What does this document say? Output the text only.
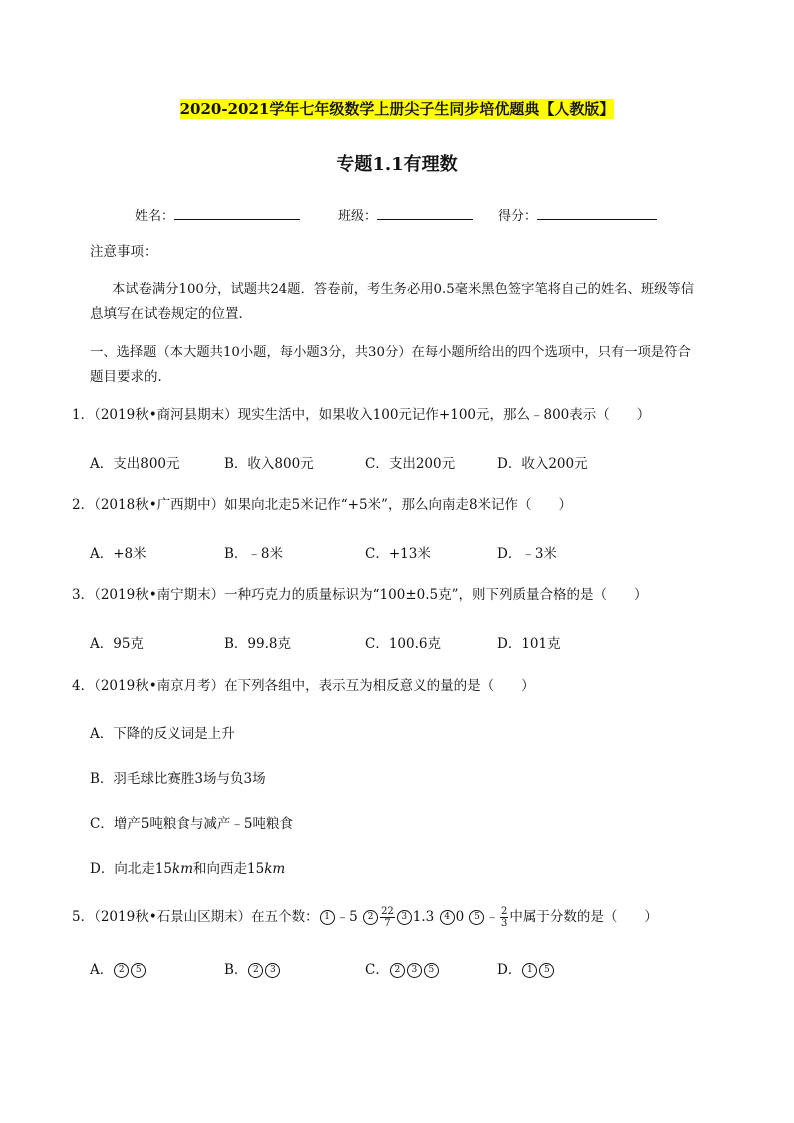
2020-2021学年七年级数学上册尖子生同步培优题典【人教版】
专题1.1有理数
姓名：	班级：	得分：
注意事项：
本试卷满分100分，试题共24题．答卷前，考生务必用0.5毫米黑色签字笔将自己的姓名、班级等信
息填写在试卷规定的位置．
一、选择题（本大题共10小题，每小题3分，共30分）在每小题所给出的四个选项中，只有一项是符合
题目要求的．
1．（2019秋•商河县期末）现实生活中，如果收入100元记作+100元，那么﹣800表示（　　）
A．支出800元	B．收入800元	C．支出200元	D．收入200元
2．（2018秋•广西期中）如果向北走5米记作“+5米”，那么向南走8米记作（　　）
A．+8米	B．﹣8米	C．+13米	D．﹣3米
3．（2019秋•南宁期末）一种巧克力的质量标识为“100±0.5克”，则下列质量合格的是（　　）
A．95克	B．99.8克	C．100.6克	D．101克
4．（2019秋•南京月考）在下列各组中，表示互为相反意义的量的是（　　）
A．下降的反义词是上升
B．羽毛球比赛胜3场与负3场
C．增产5吨粮食与减产﹣5吨粮食
D．向北走15km和向西走15km
5．（2019秋•石景山区期末）在五个数： 1 ﹣5 $2 \frac{22}{7} 3$ 1.3 4 0 5 ﹣ $\frac{2}{3}$ 中属于分数的是（　　）
A． 2 5	B． 2 3	C． 2 3 5	D． 1 5
